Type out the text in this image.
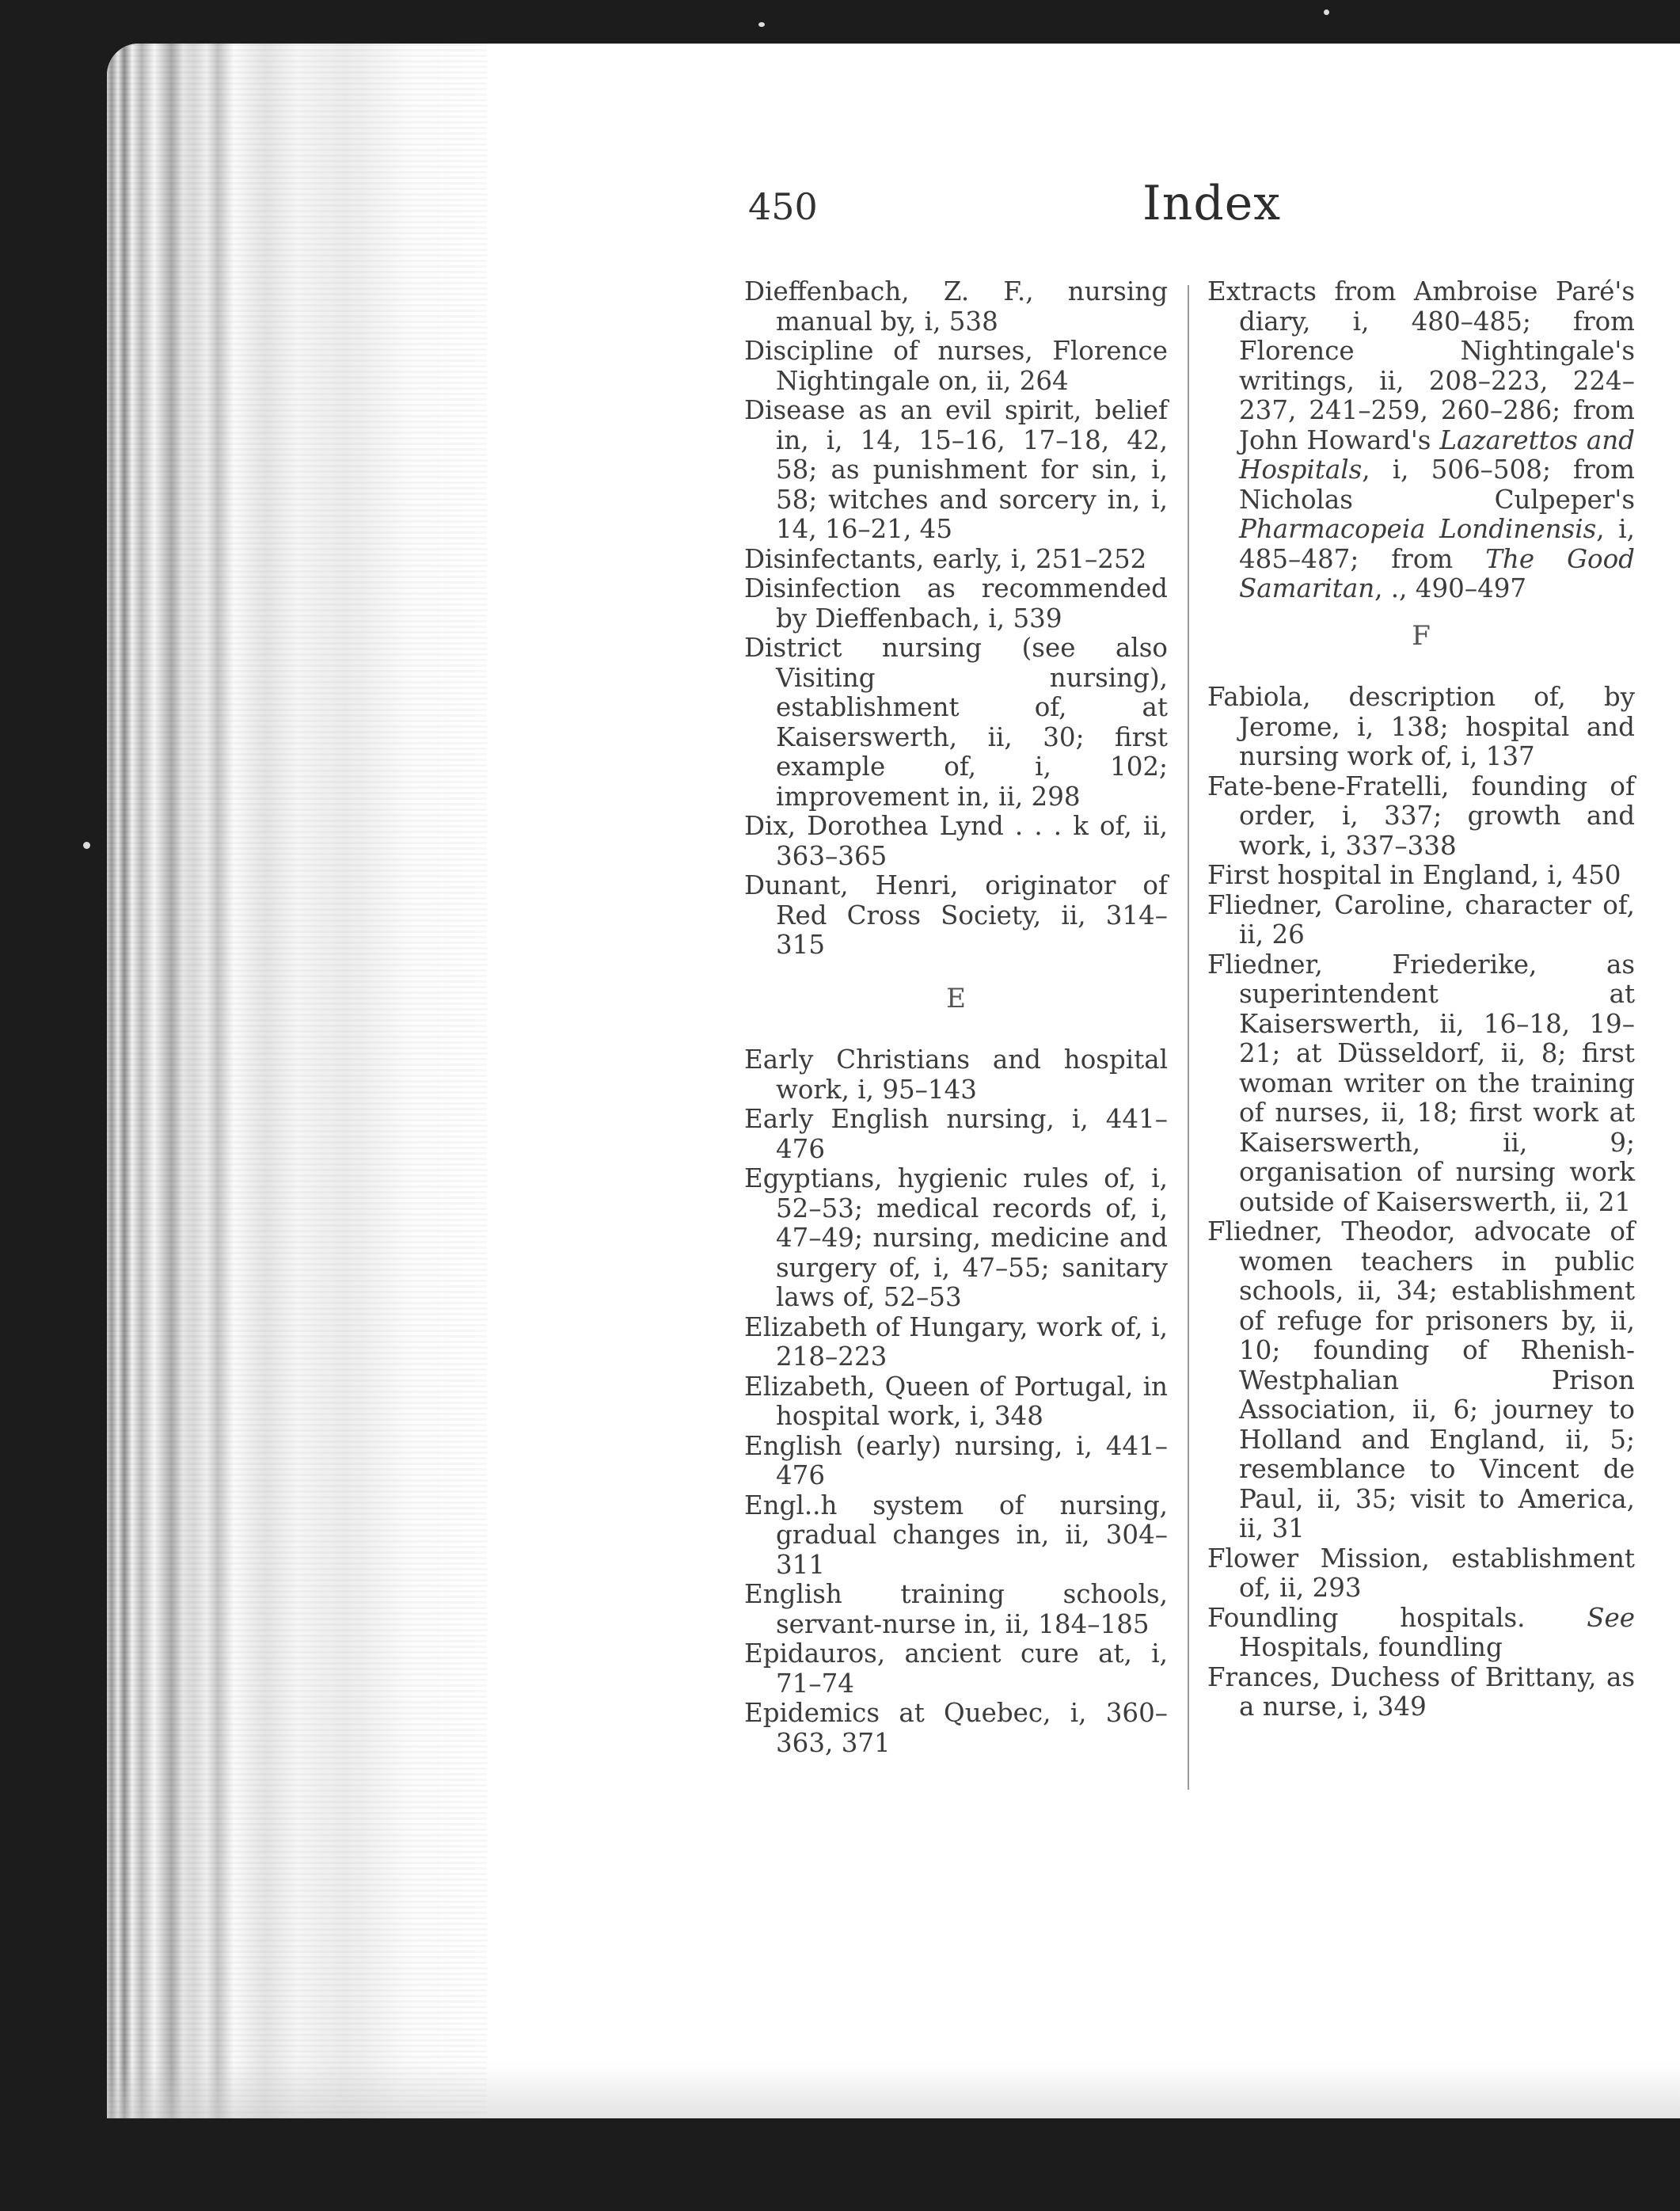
450	Index

Dieffenbach, Z. F., nursing manual by, i, 538

Discipline of nurses, Florence Nightingale on, ii, 264

Disease as an evil spirit, belief in, i, 14, 15–16, 17–18, 42, 58; as punishment for sin, i, 58; witches and sorcery in, i, 14, 16–21, 45

Disinfectants, early, i, 251–252

Disinfection as recommended by Dieffenbach, i, 539

District nursing (see also Visiting nursing), establishment of, at Kaiserswerth, ii, 30; first example of, i, 102; improvement in, ii, 298

Dix, Dorothea Lynd . . . k of, ii, 363–365

Dunant, Henri, originator of Red Cross Society, ii, 314–315

E

Early Christians and hospital work, i, 95–143

Early English nursing, i, 441–476

Egyptians, hygienic rules of, i, 52–53; medical records of, i, 47–49; nursing, medicine and surgery of, i, 47–55; sanitary laws of, 52–53

Elizabeth of Hungary, work of, i, 218–223

Elizabeth, Queen of Portugal, in hospital work, i, 348

English (early) nursing, i, 441–476

Engl..h system of nursing, gradual changes in, ii, 304–311

English training schools, servant-nurse in, ii, 184–185

Epidauros, ancient cure at, i, 71–74

Epidemics at Quebec, i, 360–363, 371

Extracts from Ambroise Paré's diary, i, 480–485; from Florence Nightingale's writings, ii, 208–223, 224–237, 241–259, 260–286; from John Howard's Lazarettos and Hospitals, i, 506–508; from Nicholas Culpeper's Pharmacopeia Londinensis, i, 485–487; from The Good Samaritan, ., 490–497

F

Fabiola, description of, by Jerome, i, 138; hospital and nursing work of, i, 137

Fate-bene-Fratelli, founding of order, i, 337; growth and work, i, 337–338

First hospital in England, i, 450

Fliedner, Caroline, character of, ii, 26

Fliedner, Friederike, as superintendent at Kaiserswerth, ii, 16–18, 19–21; at Düsseldorf, ii, 8; first woman writer on the training of nurses, ii, 18; first work at Kaiserswerth, ii, 9; organisation of nursing work outside of Kaiserswerth, ii, 21

Fliedner, Theodor, advocate of women teachers in public schools, ii, 34; establishment of refuge for prisoners by, ii, 10; founding of Rhenish-Westphalian Prison Association, ii, 6; journey to Holland and England, ii, 5; resemblance to Vincent de Paul, ii, 35; visit to America, ii, 31

Flower Mission, establishment of, ii, 293

Foundling hospitals. See Hospitals, foundling

Frances, Duchess of Brittany, as a nurse, i, 349
